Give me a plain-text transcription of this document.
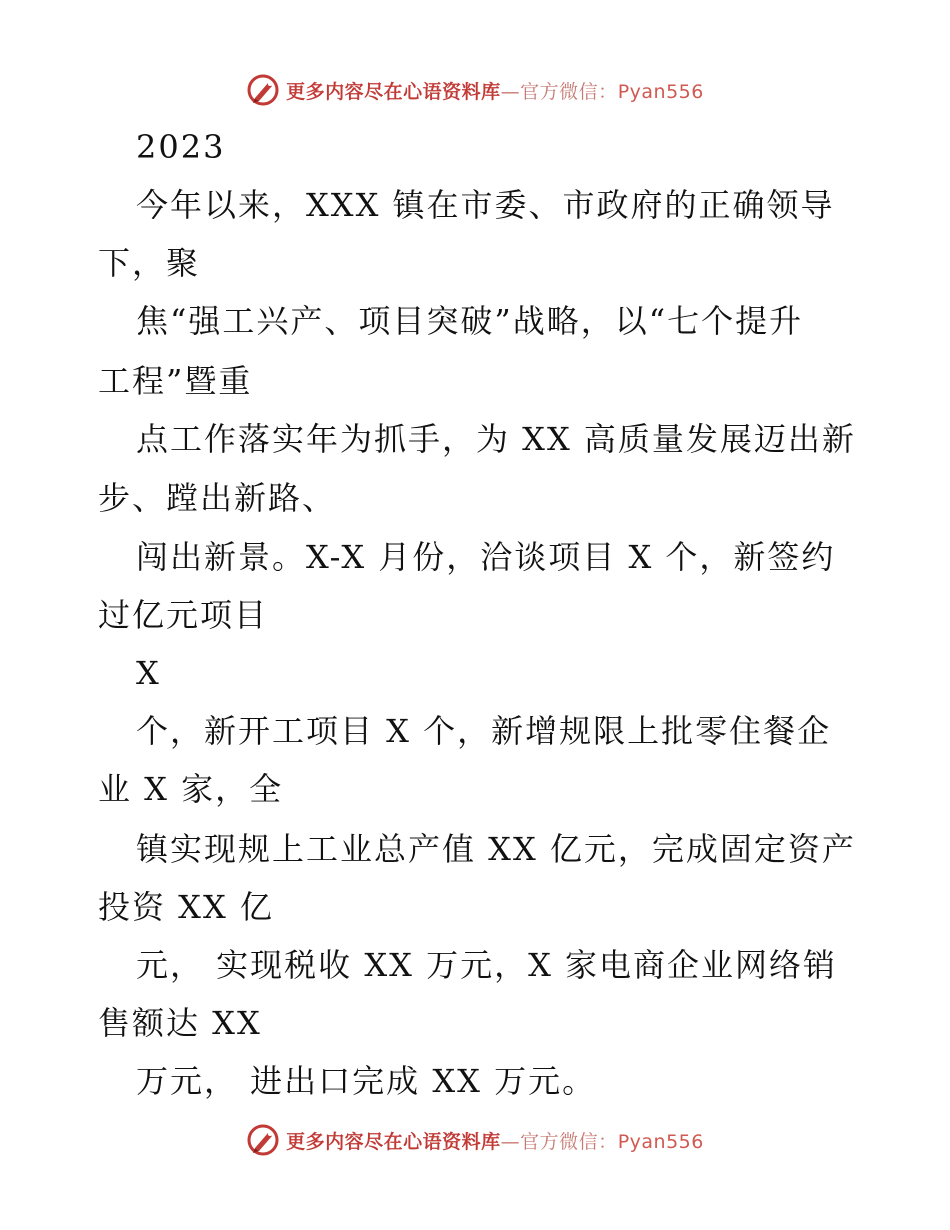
更多内容尽在心语资料库—官方微信：Pyan556
2023
今年以来，XXX 镇在市委、市政府的正确领导
下，聚
焦“强工兴产、项目突破”战略，以“七个提升
工程”暨重
点工作落实年为抓手，为 XX 高质量发展迈出新
步、蹚出新路、
闯出新景。X-X 月份，洽谈项目 X 个，新签约
过亿元项目
X
个，新开工项目 X 个，新增规限上批零住餐企
业 X 家，全
镇实现规上工业总产值 XX 亿元，完成固定资产
投资 XX 亿
元， 实现税收 XX 万元，X 家电商企业网络销
售额达 XX
万元， 进出口完成 XX 万元。
更多内容尽在心语资料库—官方微信：Pyan556
